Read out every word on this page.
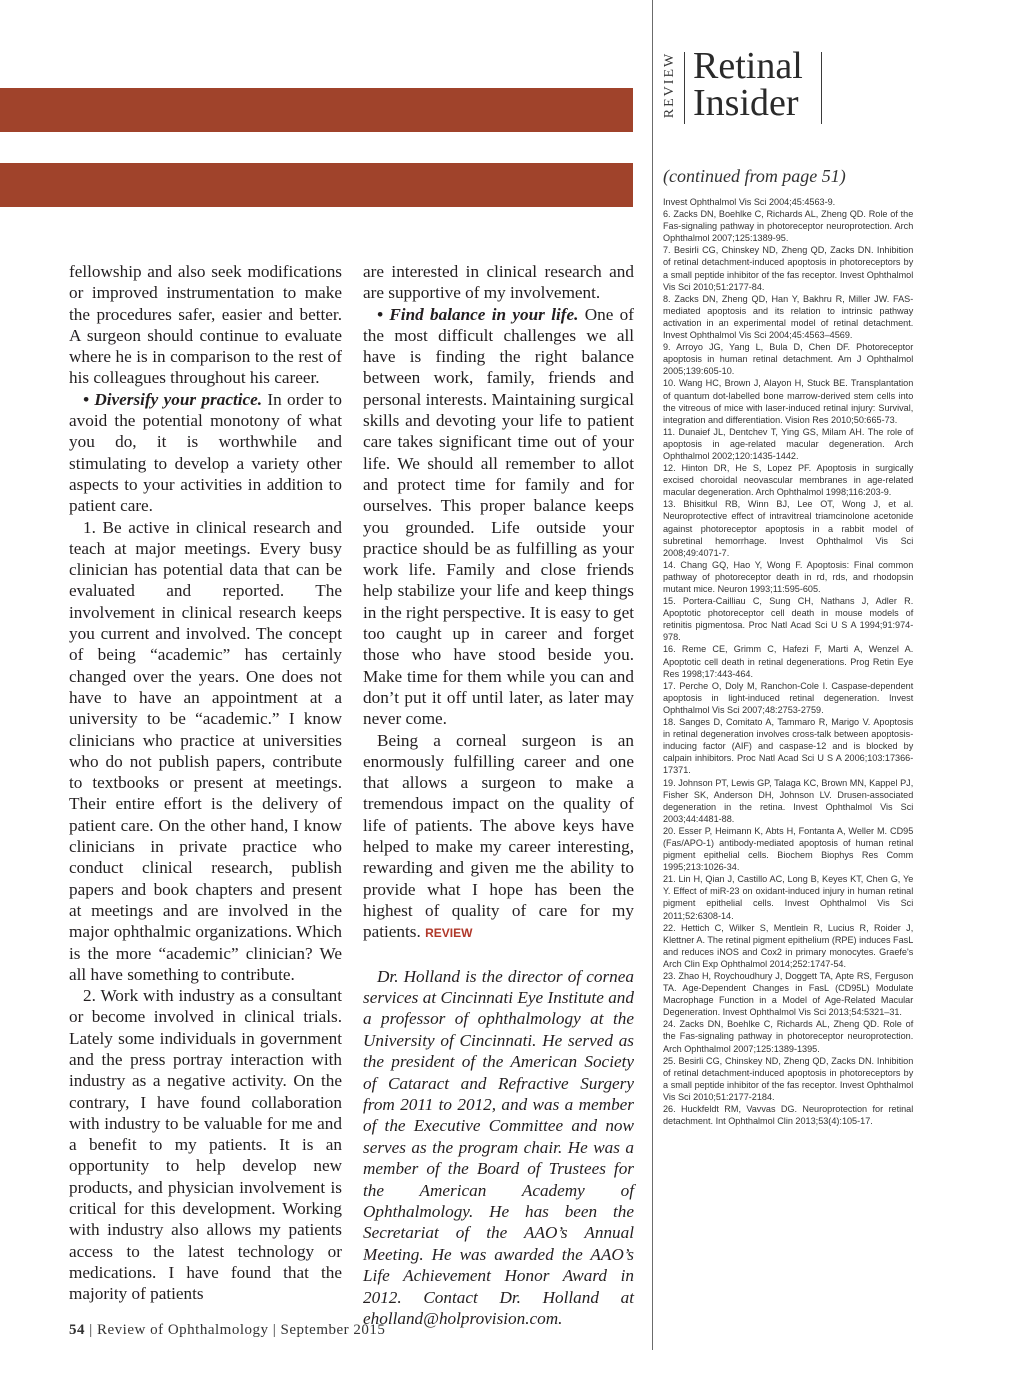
REVIEW Retinal
Insider
(continued from page 51)

fellowship and also seek modifications or improved instrumentation to make the procedures safer, easier and better. A surgeon should continue to evaluate where he is in comparison to the rest of his colleagues throughout his career.

• Diversify your practice. In order to avoid the potential monotony of what you do, it is worthwhile and stimulating to develop a variety other aspects to your activities in addition to patient care.

1. Be active in clinical research and teach at major meetings. Every busy clinician has potential data that can be evaluated and reported. The involvement in clinical research keeps you current and involved. The concept of being “academic” has certainly changed over the years. One does not have to have an appointment at a university to be “academic.” I know clinicians who practice at universities who do not publish papers, contribute to textbooks or present at meetings. Their entire effort is the delivery of patient care. On the other hand, I know clinicians in private practice who conduct clinical research, publish papers and book chapters and present at meetings and are involved in the major ophthalmic organizations. Which is the more “academic” clinician? We all have something to contribute.

2. Work with industry as a consultant or become involved in clinical trials. Lately some individuals in government and the press portray interaction with industry as a negative activity. On the contrary, I have found collaboration with industry to be valuable for me and a benefit to my patients. It is an opportunity to help develop new products, and physician involvement is critical for this development. Working with industry also allows my patients access to the latest technology or medications. I have found that the majority of patients

are interested in clinical research and are supportive of my involvement.

• Find balance in your life. One of the most difficult challenges we all have is finding the right balance between work, family, friends and personal interests. Maintaining surgical skills and devoting your life to patient care takes significant time out of your life. We should all remember to allot and protect time for family and for ourselves. This proper balance keeps you grounded. Life outside your practice should be as fulfilling as your work life. Family and close friends help stabilize your life and keep things in the right perspective. It is easy to get too caught up in career and forget those who have stood beside you. Make time for them while you can and don’t put it off until later, as later may never come.

Being a corneal surgeon is an enormously fulfilling career and one that allows a surgeon to make a tremendous impact on the quality of life of patients. The above keys have helped to make my career interesting, rewarding and given me the ability to provide what I hope has been the highest of quality of care for my patients. REVIEW

Dr. Holland is the director of cornea services at Cincinnati Eye Institute and a professor of ophthalmology at the University of Cincinnati. He served as the president of the American Society of Cataract and Refractive Surgery from 2011 to 2012, and was a member of the Executive Committee and now serves as the program chair. He was a member of the Board of Trustees for the American Academy of Ophthalmology. He has been the Secretariat of the AAO’s Annual Meeting. He was awarded the AAO’s Life Achievement Honor Award in 2012. Contact Dr. Holland at eholland@holprovision.com.

Invest Ophthalmol Vis Sci 2004;45:4563-9.

6. Zacks DN, Boehlke C, Richards AL, Zheng QD. Role of the Fas-signaling pathway in photoreceptor neuroprotection. Arch Ophthalmol 2007;125:1389-95.

7. Besirli CG, Chinskey ND, Zheng QD, Zacks DN. Inhibition of retinal detachment-induced apoptosis in photoreceptors by a small peptide inhibitor of the fas receptor. Invest Ophthalmol Vis Sci 2010;51:2177-84.

8. Zacks DN, Zheng QD, Han Y, Bakhru R, Miller JW. FAS-mediated apoptosis and its relation to intrinsic pathway activation in an experimental model of retinal detachment. Invest Ophthalmol Vis Sci 2004;45:4563–4569.

9. Arroyo JG, Yang L, Bula D, Chen DF. Photoreceptor apoptosis in human retinal detachment. Am J Ophthalmol 2005;139:605-10.

10. Wang HC, Brown J, Alayon H, Stuck BE. Transplantation of quantum dot-labelled bone marrow-derived stem cells into the vitreous of mice with laser-induced retinal injury: Survival, integration and differentiation. Vision Res 2010;50:665-73.

11. Dunaief JL, Dentchev T, Ying GS, Milam AH. The role of apoptosis in age-related macular degeneration. Arch Ophthalmol 2002;120:1435-1442.

12. Hinton DR, He S, Lopez PF. Apoptosis in surgically excised choroidal neovascular membranes in age-related macular degeneration. Arch Ophthalmol 1998;116:203-9.

13. Bhisitkul RB, Winn BJ, Lee OT, Wong J, et al. Neuroprotective effect of intravitreal triamcinolone acetonide against photoreceptor apoptosis in a rabbit model of subretinal hemorrhage. Invest Ophthalmol Vis Sci 2008;49:4071-7.

14. Chang GQ, Hao Y, Wong F. Apoptosis: Final common pathway of photoreceptor death in rd, rds, and rhodopsin mutant mice. Neuron 1993;11:595-605.

15. Portera-Cailliau C, Sung CH, Nathans J, Adler R. Apoptotic photoreceptor cell death in mouse models of retinitis pigmentosa. Proc Natl Acad Sci U S A 1994;91:974-978.

16. Reme CE, Grimm C, Hafezi F, Marti A, Wenzel A. Apoptotic cell death in retinal degenerations. Prog Retin Eye Res 1998;17:443-464.

17. Perche O, Doly M, Ranchon-Cole I. Caspase-dependent apoptosis in light-induced retinal degeneration. Invest Ophthalmol Vis Sci 2007;48:2753-2759.

18. Sanges D, Comitato A, Tammaro R, Marigo V. Apoptosis in retinal degeneration involves cross-talk between apoptosis-inducing factor (AIF) and caspase-12 and is blocked by calpain inhibitors. Proc Natl Acad Sci U S A 2006;103:17366-17371.

19. Johnson PT, Lewis GP, Talaga KC, Brown MN, Kappel PJ, Fisher SK, Anderson DH, Johnson LV. Drusen-associated degeneration in the retina. Invest Ophthalmol Vis Sci 2003;44:4481-88.

20. Esser P, Heimann K, Abts H, Fontanta A, Weller M. CD95 (Fas/APO-1) antibody-mediated apoptosis of human retinal pigment epithelial cells. Biochem Biophys Res Comm 1995;213:1026-34.

21. Lin H, Qian J, Castillo AC, Long B, Keyes KT, Chen G, Ye Y. Effect of miR-23 on oxidant-induced injury in human retinal pigment epithelial cells. Invest Ophthalmol Vis Sci 2011;52:6308-14.

22. Hettich C, Wilker S, Mentlein R, Lucius R, Roider J, Klettner A. The retinal pigment epithelium (RPE) induces FasL and reduces iNOS and Cox2 in primary monocytes. Graefe's Arch Clin Exp Ophthalmol 2014;252:1747-54.

23. Zhao H, Roychoudhury J, Doggett TA, Apte RS, Ferguson TA. Age-Dependent Changes in FasL (CD95L) Modulate Macrophage Function in a Model of Age-Related Macular Degeneration. Invest Ophthalmol Vis Sci 2013;54:5321–31.

24. Zacks DN, Boehlke C, Richards AL, Zheng QD. Role of the Fas-signaling pathway in photoreceptor neuroprotection. Arch Ophthalmol 2007;125:1389-1395.

25. Besirli CG, Chinskey ND, Zheng QD, Zacks DN. Inhibition of retinal detachment-induced apoptosis in photoreceptors by a small peptide inhibitor of the fas receptor. Invest Ophthalmol Vis Sci 2010;51:2177-2184.

26. Huckfeldt RM, Vavvas DG. Neuroprotection for retinal detachment. Int Ophthalmol Clin 2013;53(4):105-17.

54 | Review of Ophthalmology | September 2015
